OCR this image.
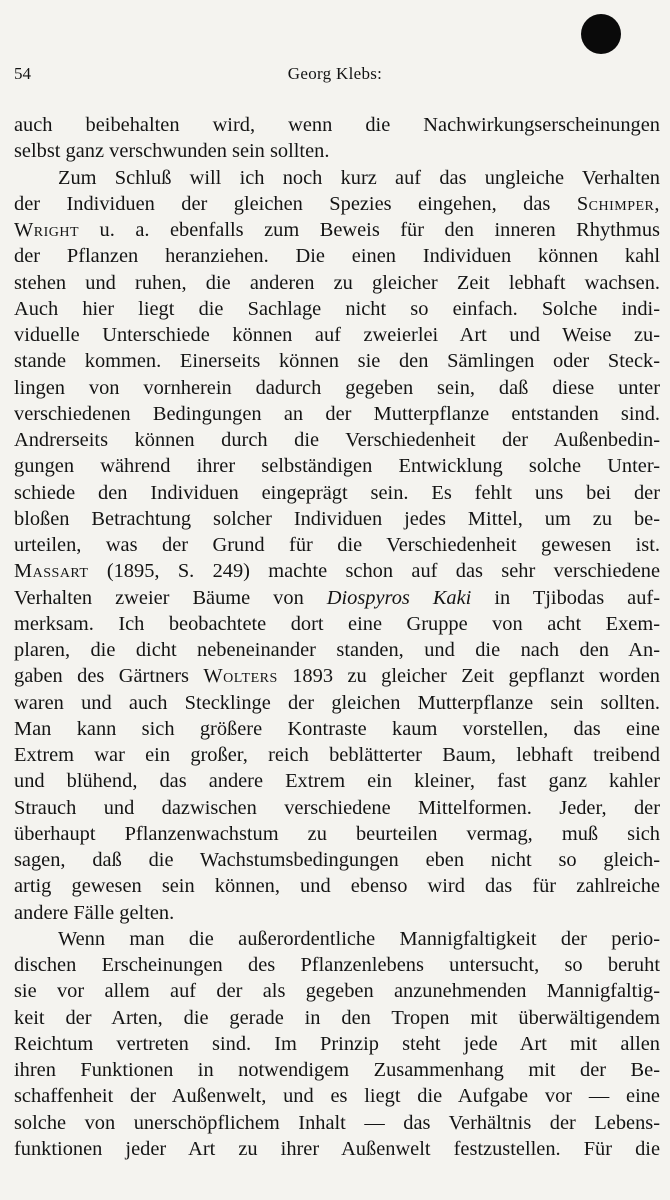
54	Georg Klebs:
auch beibehalten wird, wenn die Nachwirkungserscheinungen
selbst ganz verschwunden sein sollten.
Zum Schluß will ich noch kurz auf das ungleiche Verhalten
der Individuen der gleichen Spezies eingehen, das Schimper,
Wright u. a. ebenfalls zum Beweis für den inneren Rhythmus
der Pflanzen heranziehen. Die einen Individuen können kahl
stehen und ruhen, die anderen zu gleicher Zeit lebhaft wachsen.
Auch hier liegt die Sachlage nicht so einfach. Solche indi-
viduelle Unterschiede können auf zweierlei Art und Weise zu-
stande kommen. Einerseits können sie den Sämlingen oder Steck-
lingen von vornherein dadurch gegeben sein, daß diese unter
verschiedenen Bedingungen an der Mutterpflanze entstanden sind.
Andrerseits können durch die Verschiedenheit der Außenbedin-
gungen während ihrer selbständigen Entwicklung solche Unter-
schiede den Individuen eingeprägt sein. Es fehlt uns bei der
bloßen Betrachtung solcher Individuen jedes Mittel, um zu be-
urteilen, was der Grund für die Verschiedenheit gewesen ist.
Massart (1895, S. 249) machte schon auf das sehr verschiedene
Verhalten zweier Bäume von Diospyros Kaki in Tjibodas auf-
merksam. Ich beobachtete dort eine Gruppe von acht Exem-
plaren, die dicht nebeneinander standen, und die nach den An-
gaben des Gärtners Wolters 1893 zu gleicher Zeit gepflanzt worden
waren und auch Stecklinge der gleichen Mutterpflanze sein sollten.
Man kann sich größere Kontraste kaum vorstellen, das eine
Extrem war ein großer, reich beblätterter Baum, lebhaft treibend
und blühend, das andere Extrem ein kleiner, fast ganz kahler
Strauch und dazwischen verschiedene Mittelformen. Jeder, der
überhaupt Pflanzenwachstum zu beurteilen vermag, muß sich
sagen, daß die Wachstumsbedingungen eben nicht so gleich-
artig gewesen sein können, und ebenso wird das für zahlreiche
andere Fälle gelten.
Wenn man die außerordentliche Mannigfaltigkeit der perio-
dischen Erscheinungen des Pflanzenlebens untersucht, so beruht
sie vor allem auf der als gegeben anzunehmenden Mannigfaltig-
keit der Arten, die gerade in den Tropen mit überwältigendem
Reichtum vertreten sind. Im Prinzip steht jede Art mit allen
ihren Funktionen in notwendigem Zusammenhang mit der Be-
schaffenheit der Außenwelt, und es liegt die Aufgabe vor — eine
solche von unerschöpflichem Inhalt — das Verhältnis der Lebens-
funktionen jeder Art zu ihrer Außenwelt festzustellen. Für die
